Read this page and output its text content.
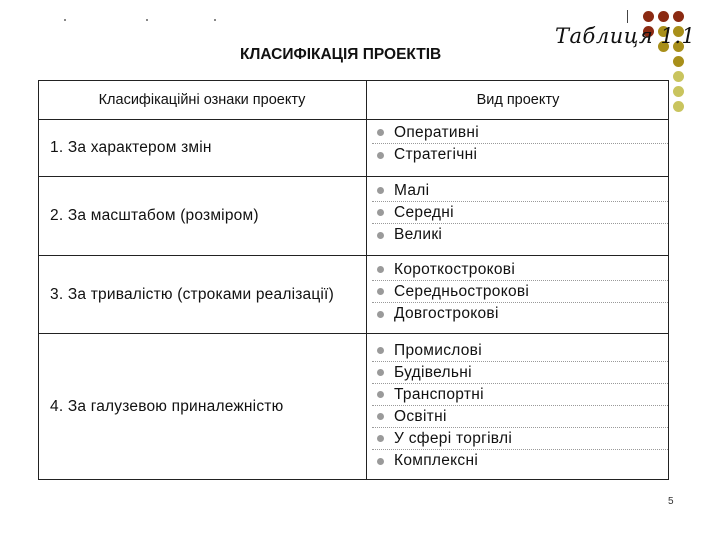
Таблиця 1.1
КЛАСИФІКАЦІЯ ПРОЕКТІВ
Класифікаційні ознаки проекту	Вид проекту
1. За характером змін
Оперативні
Стратегічні
2. За масштабом (розміром)
Малі
Середні
Великі
3. За тривалістю (строками реалізації)
Короткострокові
Середньострокові
Довгострокові
4. За галузевою приналежністю
Промислові
Будівельні
Транспортні
Освітні
У сфері торгівлі
Комплексні
5
